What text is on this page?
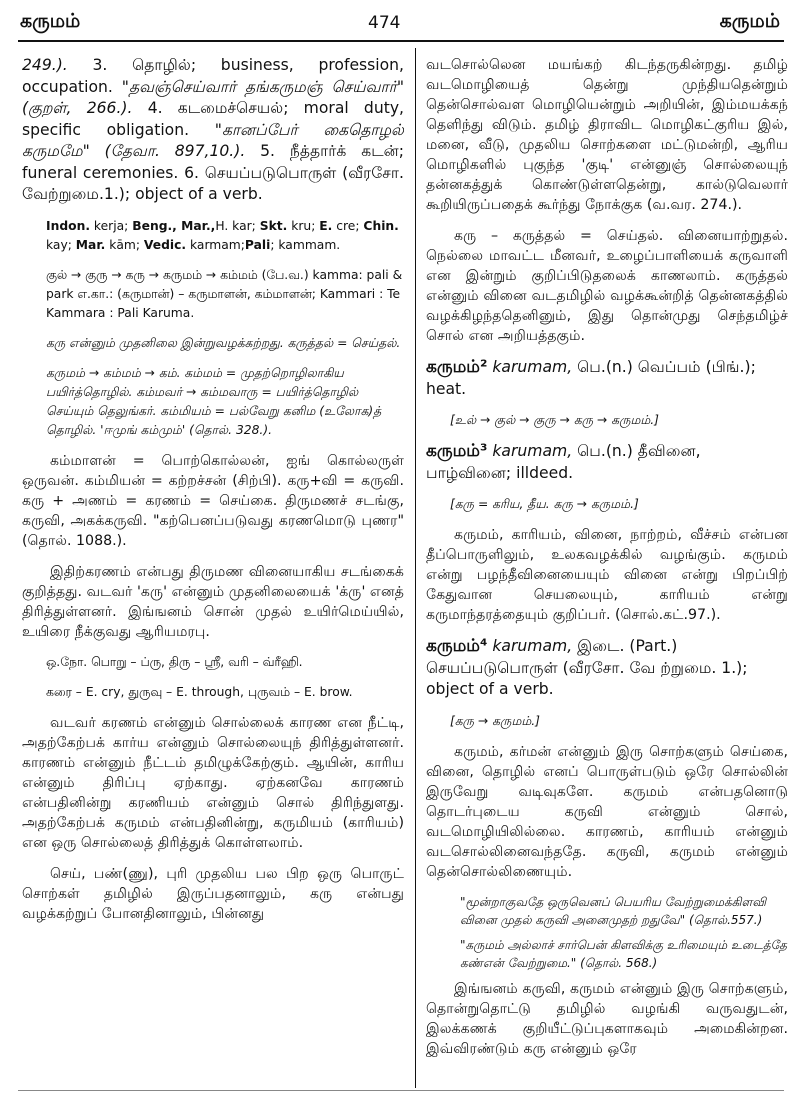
கருமம்	474	கருமம்

249.). 3. தொழில்; business, profession, occupation. "தவஞ்செய்வார் தங்கருமஞ் செய்வார்" (குறள், 266.). 4. கடமைச்செயல்; moral duty, specific obligation. "கானப்பேர் கைதொழல் கருமமே" (தேவா. 897,10.). 5. நீத்தார்க் கடன்; funeral ceremonies. 6. செயப்படுபொருள் (வீரசோ. வேற்றுமை.1.); object of a verb.

Indon. kerja; Beng., Mar.,H. kar; Skt. kru; E. cre; Chin. kay; Mar. kām; Vedic. karmam;Pali; kammam.

குல் → குரு → கரு → கருமம் → கம்மம் (பே.வ.) kamma: pali & park எ.கா.: (கருமான்) – கருமாளன், கம்மாளன்; Kammari : Te Kammara : Pali Karuma.

கரு என்னும் முதனிலை இன்றுவழக்கற்றது. கருத்தல் = செய்தல்.

கருமம் → கம்மம் → கம். கம்மம் = முதற்றொழிலாகிய பயிர்த்தொழில். கம்மவர் → கம்மவாரு = பயிர்த்தொழில் செய்யும் தெலுங்கர். கம்மியம் = பல்வேறு கனிம (உலோக)த் தொழில். 'ஈமுங் கம்மும்' (தொல். 328.).

கம்மாளன் = பொற்கொல்லன், ஐங் கொல்லருள் ஒருவன். கம்மியன் = கற்றச்சன் (சிற்பி). கரு+வி = கருவி. கரு + அணம் = கரணம் = செய்கை. திருமணச் சடங்கு, கருவி, அகக்கருவி. "கற்பெனப்படுவது கரணமொடு புணர" (தொல். 1088.).

இதிற்கரணம் என்பது திருமண வினையாகிய சடங்கைக் குறித்தது. வடவர் 'கரு' என்னும் முதனிலையைக் 'க்ரு' எனத் திரித்துள்ளனர். இங்ஙனம் சொன் முதல் உயிர்மெய்யில், உயிரை நீக்குவது ஆரியமரபு.

ஒ.நோ. பொறு – ப்ரு, திரு – ஸ்ரீ, வரி – வ்ரீஹி.

கரை – E. cry, துருவு – E. through, புருவம் – E. brow.

வடவர் கரணம் என்னும் சொல்லைக் காரண என நீட்டி, அதற்கேற்பக் கார்ய என்னும் சொல்லையுந் திரித்துள்ளனர். காரணம் என்னும் நீட்டம் தமிழுக்கேற்கும். ஆயின், காரிய என்னும் திரிப்பு ஏற்காது. ஏற்கனவே காரணம் என்பதினின்று கரணியம் என்னும் சொல் திரிந்துளது. அதற்கேற்பக் கருமம் என்பதினின்று, கருமியம் (காரியம்) என ஒரு சொல்லைத் திரித்துக் கொள்ளலாம்.

செய், பண்(ணு), புரி முதலிய பல பிற ஒரு பொருட் சொற்கள் தமிழில் இருப்பதனாலும், கரு என்பது வழக்கற்றுப் போனதினாலும், பின்னது

வடசொல்லென மயங்கற் கிடந்தருகின்றது. தமிழ் வடமொழியைத் தென்று முந்தியதென்றும் தென்சொல்வள மொழியென்றும் அறியின், இம்மயக்கந் தெளிந்து விடும். தமிழ் திராவிட மொழிகட்குரிய இல், மனை, வீடு, முதலிய சொற்களை மட்டுமன்றி, ஆரிய மொழிகளில் புகுந்த 'குடி' என்னுஞ் சொல்லையுந் தன்னகத்துக் கொண்டுள்ளதென்று, கால்டுவெலார் கூறியிருப்பதைக் கூர்ந்து நோக்குக (வ.வர. 274.).

கரு – கருத்தல் = செய்தல். வினையாற்றுதல். நெல்லை மாவட்ட மீனவர், உழைப்பாளியைக் கருவாளி என இன்றும் குறிப்பிடுதலைக் காணலாம். கருத்தல் என்னும் வினை வடதமிழில் வழக்கூன்றித் தென்னகத்தில் வழக்கிழந்ததெனினும், இது தொன்முது செந்தமிழ்ச் சொல் என அறியத்தகும்.

கருமம்² karumam, பெ.(n.) வெப்பம் (பிங்.); heat.

[உல் → குல் → குரு → கரு → கருமம்.]

கருமம்³ karumam, பெ.(n.) தீவினை, பாழ்வினை; illdeed.

[கரு = கரிய, தீய. கரு → கருமம்.]

கருமம், காரியம், வினை, நாற்றம், வீச்சம் என்பன தீப்பொருளிலும், உலகவழக்கில் வழங்கும். கருமம் என்று பழந்தீவினையையும் வினை என்று பிறப்பிற் கேதுவான செயலையும், காரியம் என்று கருமாந்தரத்தையும் குறிப்பர். (சொல்.கட்.97.).

கருமம்⁴ karumam, இடை. (Part.) செயப்படுபொருள் (வீரசோ. வே ற்றுமை. 1.); object of a verb.

[கரு → கருமம்.]

கருமம், கர்மன் என்னும் இரு சொற்களும் செய்கை, வினை, தொழில் எனப் பொருள்படும் ஒரே சொல்லின் இருவேறு வடிவுகளே. கருமம் என்பதனொடு தொடர்புடைய கருவி என்னும் சொல், வடமொழியிலில்லை. காரணம், காரியம் என்னும் வடசொல்லினைவந்ததே. கருவி, கருமம் என்னும் தென்சொல்லிணையும்.

"மூன்றாகுவதே ஒருவெனப் பெயரிய வேற்றுமைக்கிளவி வினை முதல் கருவி அனைமுதற் றதுவே" (தொல்.557.)

"கருமம் அல்லாச் சார்பென் கிளவிக்கு உரிமையும் உடைத்தே கண்என் வேற்றுமை." (தொல். 568.)

இங்ஙனம் கருவி, கருமம் என்னும் இரு சொற்களும், தொன்றுதொட்டு தமிழில் வழங்கி வருவதுடன், இலக்கணக் குறியீட்டுப்புகளாகவும் அமைகின்றன. இவ்விரண்டும் கரு என்னும் ஒரே
